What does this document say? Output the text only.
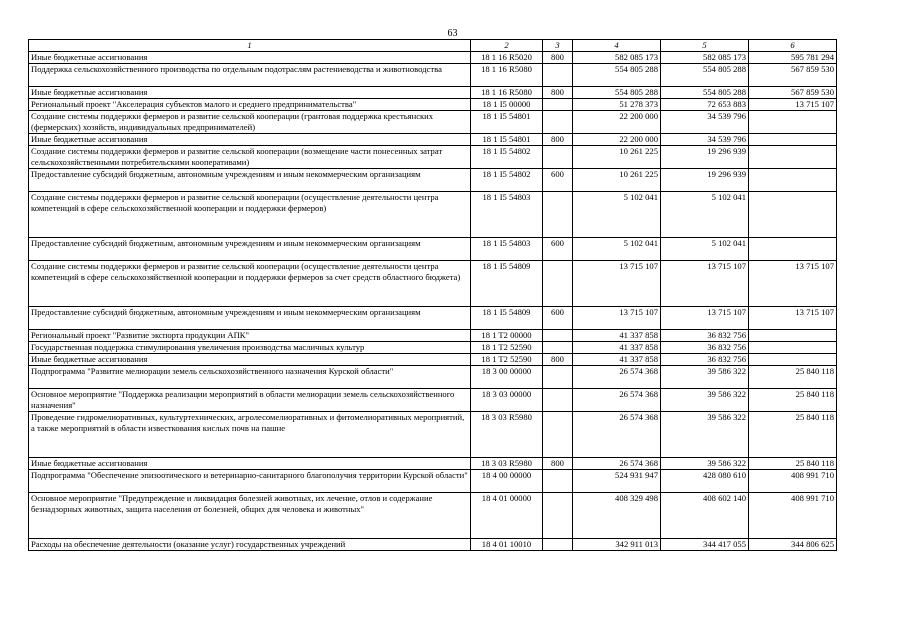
63
1	2	3	4	5	6
Иные бюджетные ассигнования	18 1 16 R5020	800	582 085 173	582 085 173	595 781 294
Поддержка сельскохозяйственного производства по отдельным подотраслям растениеводства и животноводства	18 1 16 R5080		554 805 288	554 805 288	567 859 530
Иные бюджетные ассигнования	18 1 16 R5080	800	554 805 288	554 805 288	567 859 530
Региональный проект "Акселерация субъектов малого и среднего предпринимательства"	18 1 I5 00000		51 278 373	72 653 883	13 715 107
Создание системы поддержки фермеров и развитие сельской кооперации (грантовая поддержка крестьянских (фермерских) хозяйств, индивидуальных предпринимателей)	18 1 I5 54801		22 200 000	34 539 796	
Иные бюджетные ассигнования	18 1 I5 54801	800	22 200 000	34 539 796	
Создание системы поддержки фермеров и развитие сельской кооперации (возмещение части понесенных затрат сельскохозяйственными потребительскими кооперативами)	18 1 I5 54802		10 261 225	19 296 939	
Предоставление субсидий бюджетным, автономным учреждениям и иным некоммерческим организациям	18 1 I5 54802	600	10 261 225	19 296 939	
Создание системы поддержки фермеров и развитие сельской кооперации (осуществление деятельности центра компетенций в сфере сельскохозяйственной кооперации и поддержки фермеров)	18 1 I5 54803		5 102 041	5 102 041	
Предоставление субсидий бюджетным, автономным учреждениям и иным некоммерческим организациям	18 1 I5 54803	600	5 102 041	5 102 041	
Создание системы поддержки фермеров и развитие сельской кооперации (осуществление деятельности центра компетенций в сфере сельскохозяйственной кооперации и поддержки фермеров за счет средств областного бюджета)	18 1 I5 54809		13 715 107	13 715 107	13 715 107
Предоставление субсидий бюджетным, автономным учреждениям и иным некоммерческим организациям	18 1 I5 54809	600	13 715 107	13 715 107	13 715 107
Региональный проект "Развитие экспорта продукции АПК"	18 1 T2 00000		41 337 858	36 832 756	
Государственная поддержка стимулирования увеличения производства масличных культур	18 1 T2 52590		41 337 858	36 832 756	
Иные бюджетные ассигнования	18 1 T2 52590	800	41 337 858	36 832 756	
Подпрограмма "Развитие мелиорации земель сельскохозяйственного назначения Курской области"	18 3 00 00000		26 574 368	39 586 322	25 840 118
Основное мероприятие "Поддержка реализации мероприятий в области мелиорации земель сельскохозяйственного назначения"	18 3 03 00000		26 574 368	39 586 322	25 840 118
Проведение гидромелиоративных, культуртехнических, агролесомелиоративных и фитомелиоративных мероприятий, а также мероприятий в области известкования кислых почв на пашне	18 3 03 R5980		26 574 368	39 586 322	25 840 118
Иные бюджетные ассигнования	18 3 03 R5980	800	26 574 368	39 586 322	25 840 118
Подпрограмма "Обеспечение эпизоотического и ветеринарно-санитарного благополучия территории Курской области"	18 4 00 00000		524 931 947	428 080 610	408 991 710
Основное мероприятие "Предупреждение и ликвидация болезней животных, их лечение, отлов и содержание безнадзорных животных, защита населения от болезней, общих для человека и животных"	18 4 01 00000		408 329 498	408 602 140	408 991 710
Расходы на обеспечение деятельности (оказание услуг) государственных учреждений	18 4 01 10010		342 911 013	344 417 055	344 806 625
